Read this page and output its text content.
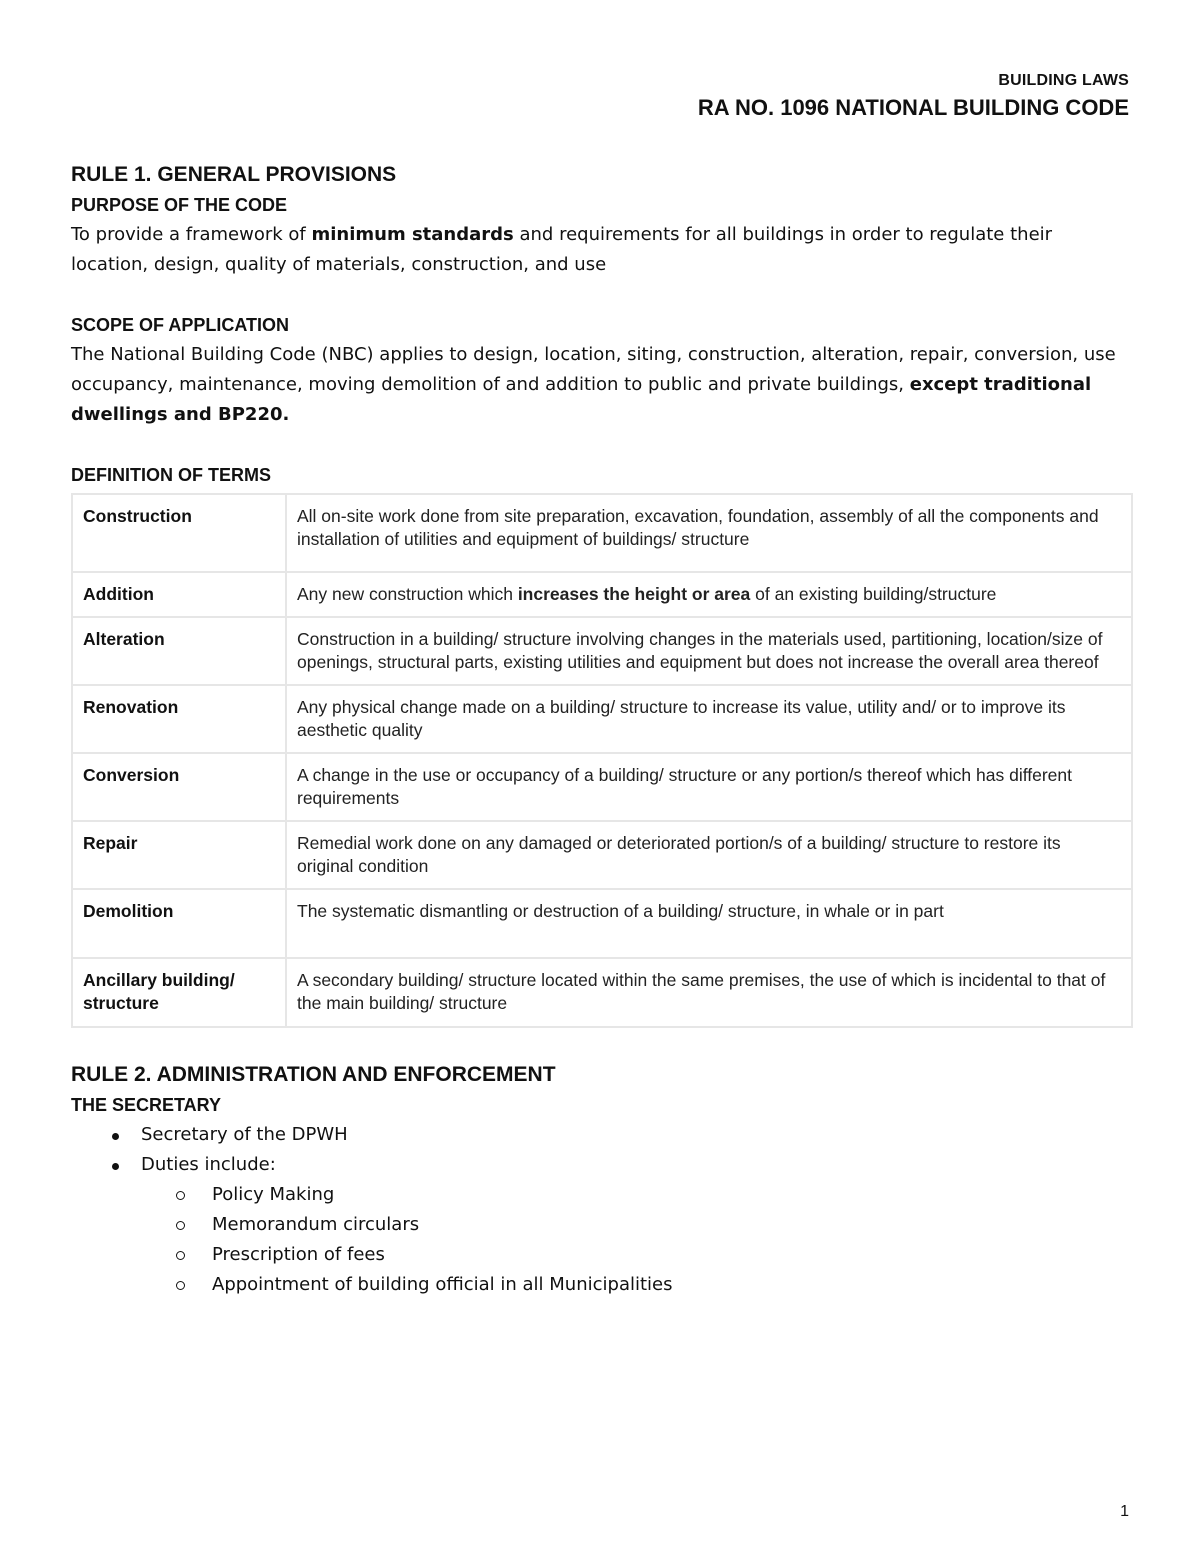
BUILDING LAWS
RA NO. 1096 NATIONAL BUILDING CODE
RULE 1. GENERAL PROVISIONS
PURPOSE OF THE CODE

To provide a framework of minimum standards and requirements for all buildings in order to regulate their location, design, quality of materials, construction, and use

SCOPE OF APPLICATION

The National Building Code (NBC) applies to design, location, siting, construction, alteration, repair, conversion, use occupancy, maintenance, moving demolition of and addition to public and private buildings, except traditional dwellings and BP220.

DEFINITION OF TERMS
Construction	All on-site work done from site preparation, excavation, foundation, assembly of all the components and installation of utilities and equipment of buildings/ structure
Addition	Any new construction which increases the height or area of an existing building/structure
Alteration	Construction in a building/ structure involving changes in the materials used, partitioning, location/size of openings, structural parts, existing utilities and equipment but does not increase the overall area thereof
Renovation	Any physical change made on a building/ structure to increase its value, utility and/ or to improve its aesthetic quality
Conversion	A change in the use or occupancy of a building/ structure or any portion/s thereof which has different requirements
Repair	Remedial work done on any damaged or deteriorated portion/s of a building/ structure to restore its original condition
Demolition	The systematic dismantling or destruction of a building/ structure, in whale or in part
Ancillary building/ structure	A secondary building/ structure located within the same premises, the use of which is incidental to that of the main building/ structure
RULE 2. ADMINISTRATION AND ENFORCEMENT
THE SECRETARY
Secretary of the DPWH
Duties include:
Policy Making
Memorandum circulars
Prescription of fees
Appointment of building official in all Municipalities
1
